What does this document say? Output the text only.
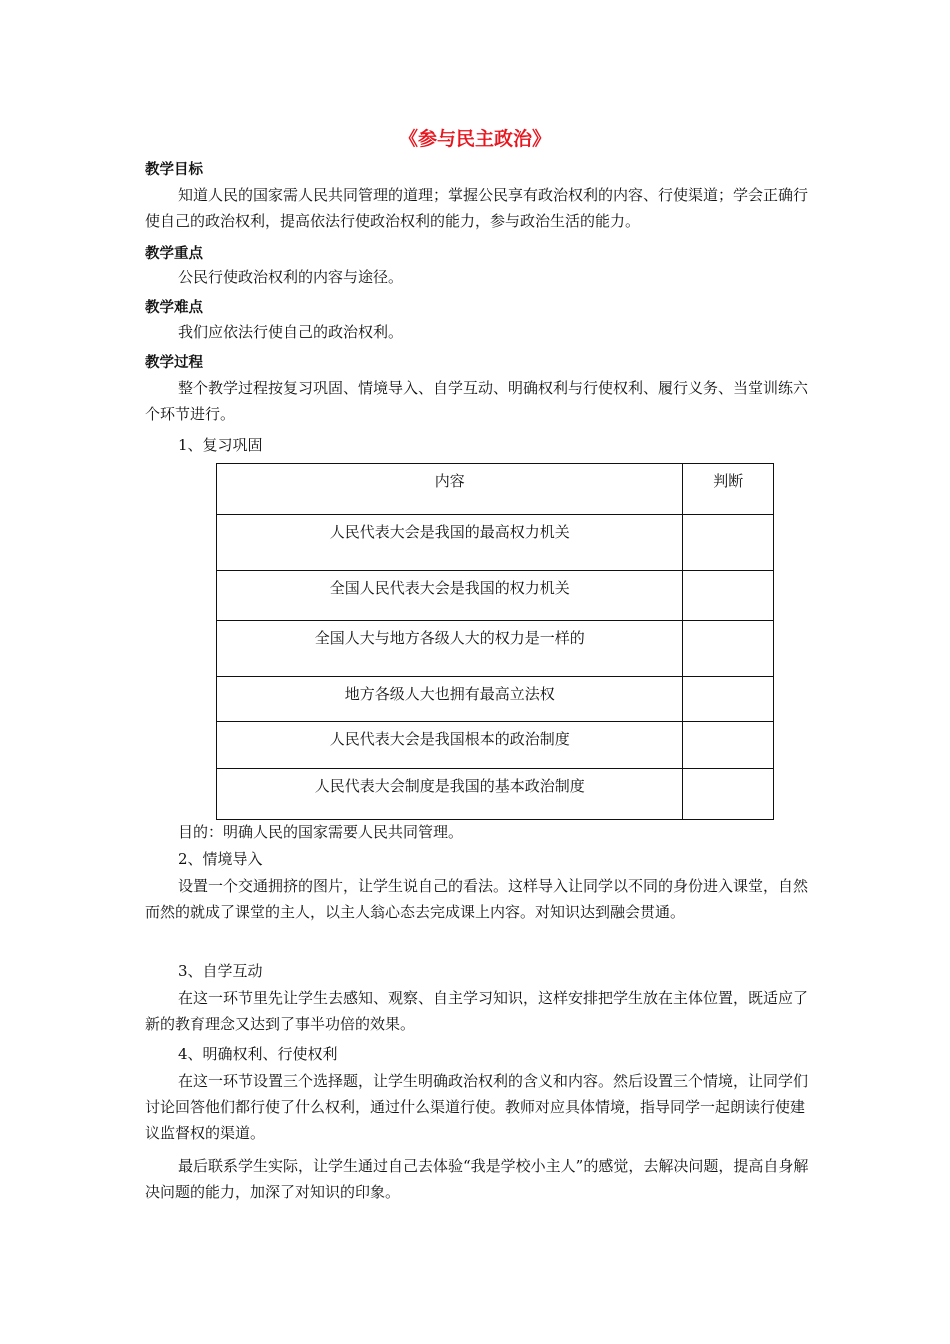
《参与民主政治》
教学目标

知道人民的国家需人民共同管理的道理；掌握公民享有政治权利的内容、行使渠道；学会正确行使自己的政治权利，提高依法行使政治权利的能力，参与政治生活的能力。

教学重点

公民行使政治权利的内容与途径。

教学难点

我们应依法行使自己的政治权利。

教学过程

整个教学过程按复习巩固、情境导入、自学互动、明确权利与行使权利、履行义务、当堂训练六个环节进行。

1、复习巩固
内容	判断
人民代表大会是我国的最高权力机关	
全国人民代表大会是我国的权力机关	
全国人大与地方各级人大的权力是一样的	
地方各级人大也拥有最高立法权	
人民代表大会是我国根本的政治制度	
人民代表大会制度是我国的基本政治制度	
目的：明确人民的国家需要人民共同管理。
2、情境导入

设置一个交通拥挤的图片，让学生说自己的看法。这样导入让同学以不同的身份进入课堂，自然而然的就成了课堂的主人，以主人翁心态去完成课上内容。对知识达到融会贯通。

3、自学互动

在这一环节里先让学生去感知、观察、自主学习知识，这样安排把学生放在主体位置，既适应了新的教育理念又达到了事半功倍的效果。

4、明确权利、行使权利

在这一环节设置三个选择题，让学生明确政治权利的含义和内容。然后设置三个情境，让同学们讨论回答他们都行使了什么权利，通过什么渠道行使。教师对应具体情境，指导同学一起朗读行使建议监督权的渠道。

最后联系学生实际，让学生通过自己去体验“我是学校小主人”的感觉，去解决问题，提高自身解决问题的能力，加深了对知识的印象。
